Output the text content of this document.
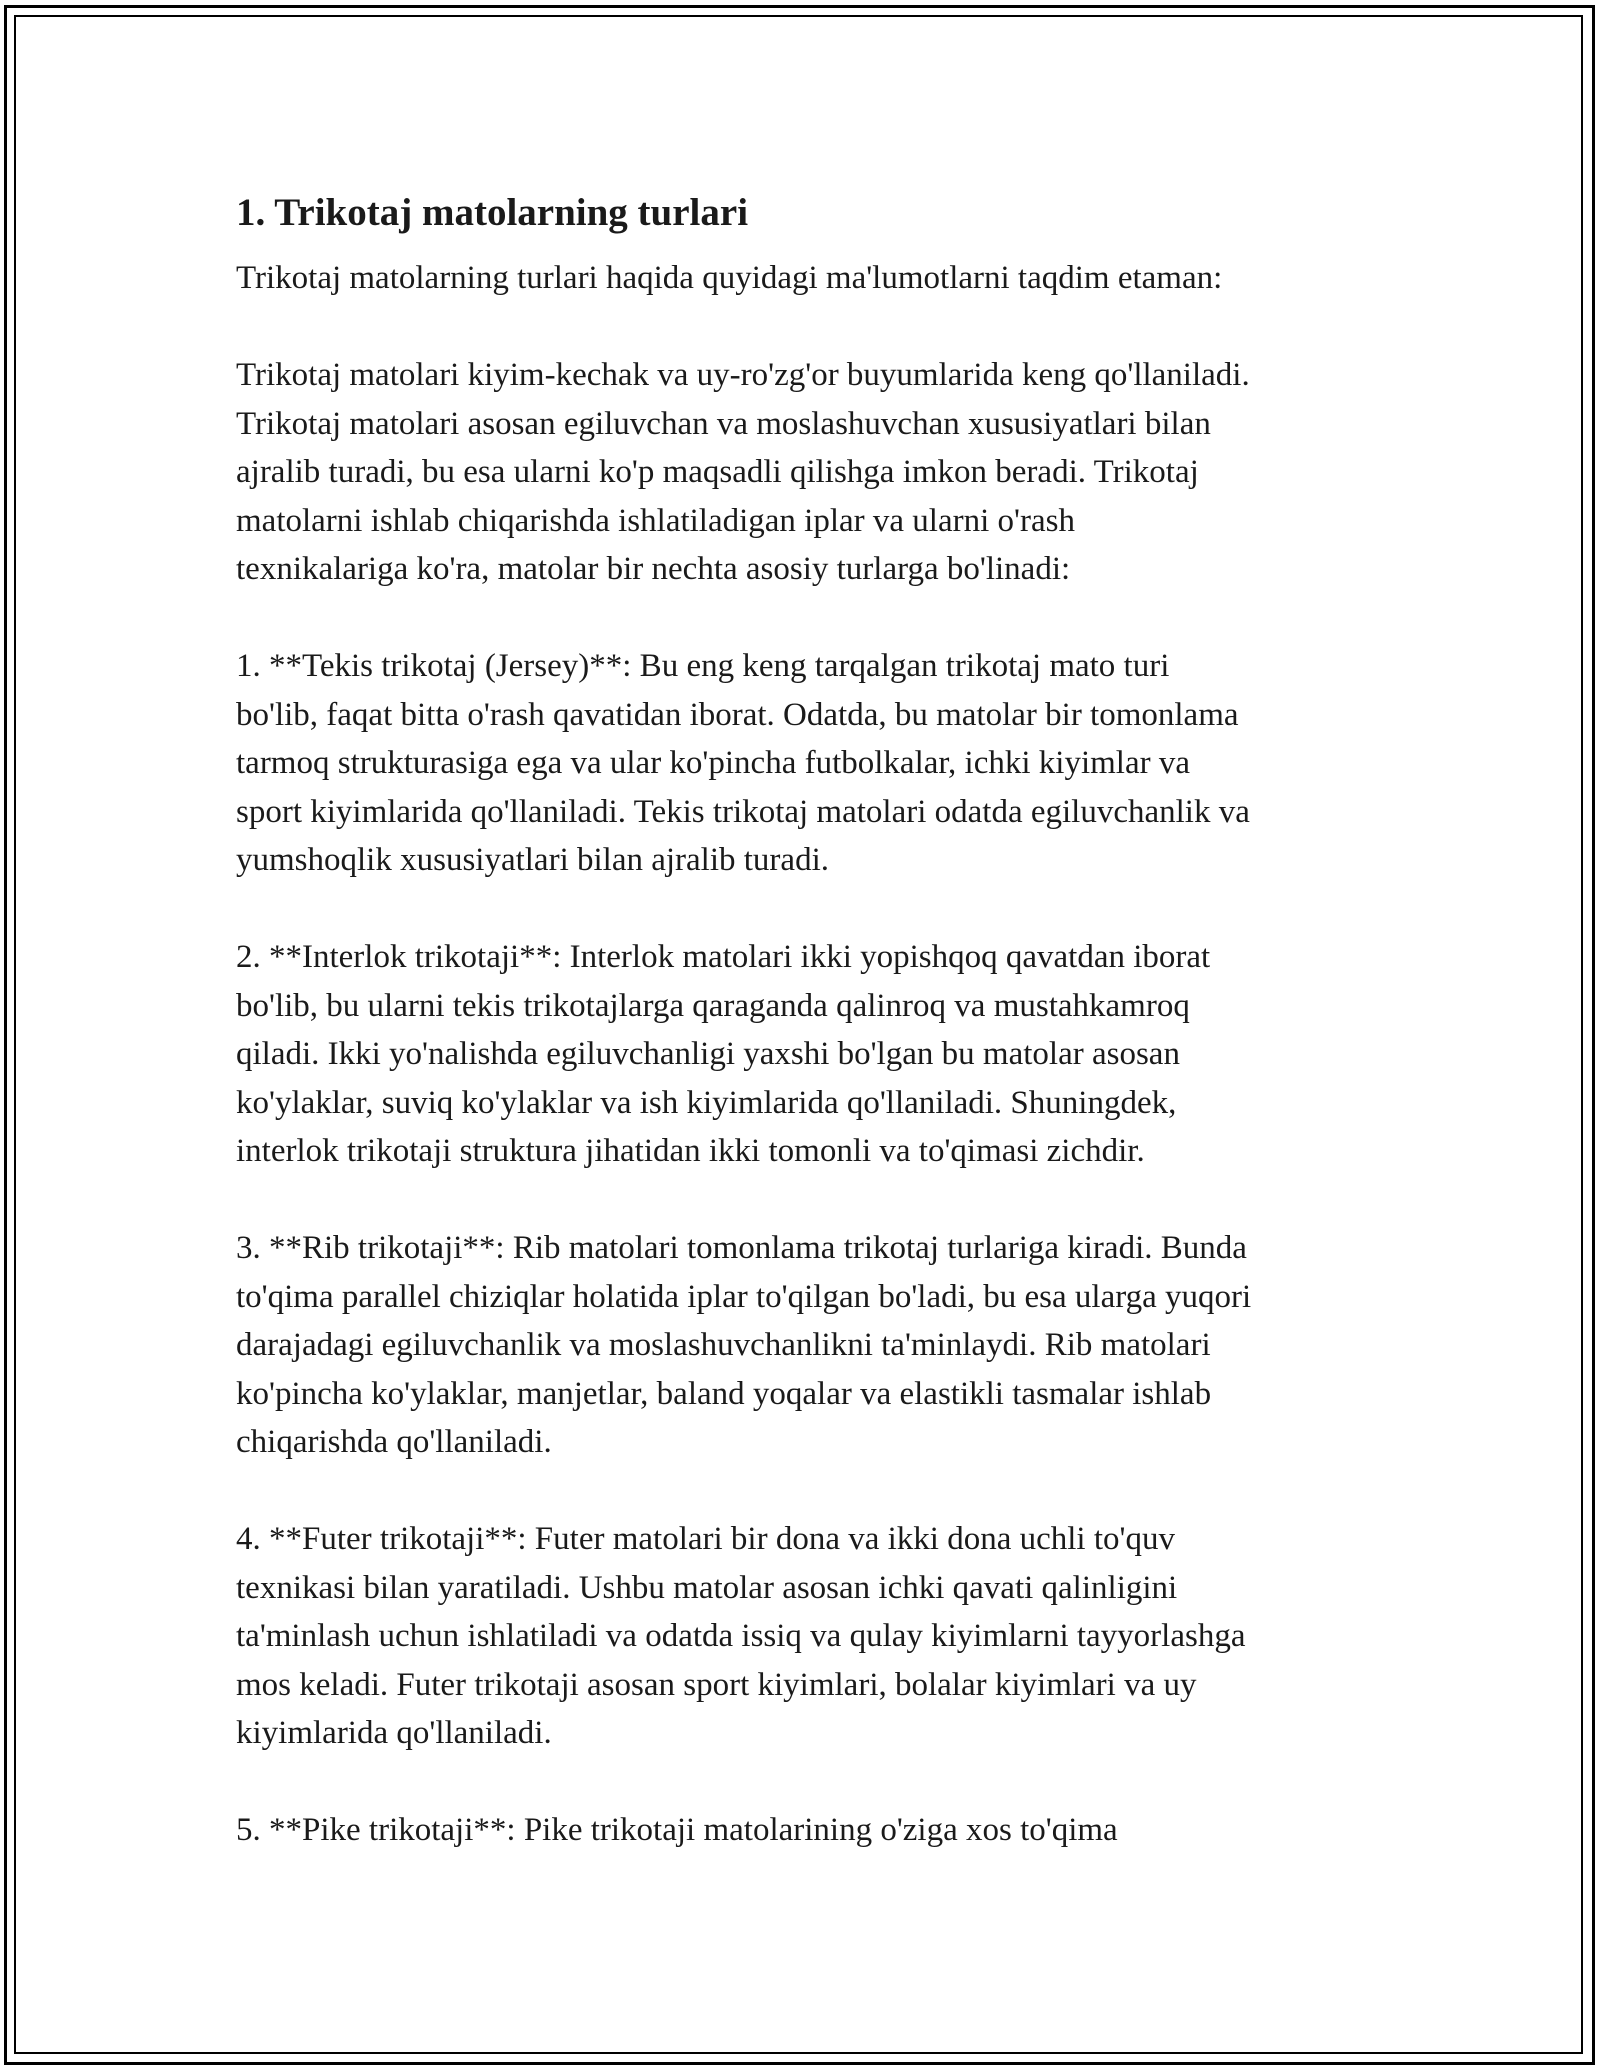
1. Trikotaj matolarning turlari

Trikotaj matolarning turlari haqida quyidagi ma'lumotlarni taqdim etaman:

Trikotaj matolari kiyim-kechak va uy-ro'zg'or buyumlarida keng qo'llaniladi.
Trikotaj matolari asosan egiluvchan va moslashuvchan xususiyatlari bilan
ajralib turadi, bu esa ularni ko'p maqsadli qilishga imkon beradi. Trikotaj
matolarni ishlab chiqarishda ishlatiladigan iplar va ularni o'rash
texnikalariga ko'ra, matolar bir nechta asosiy turlarga bo'linadi:

1. **Tekis trikotaj (Jersey)**: Bu eng keng tarqalgan trikotaj mato turi
bo'lib, faqat bitta o'rash qavatidan iborat. Odatda, bu matolar bir tomonlama
tarmoq strukturasiga ega va ular ko'pincha futbolkalar, ichki kiyimlar va
sport kiyimlarida qo'llaniladi. Tekis trikotaj matolari odatda egiluvchanlik va
yumshoqlik xususiyatlari bilan ajralib turadi.

2. **Interlok trikotaji**: Interlok matolari ikki yopishqoq qavatdan iborat
bo'lib, bu ularni tekis trikotajlarga qaraganda qalinroq va mustahkamroq
qiladi. Ikki yo'nalishda egiluvchanligi yaxshi bo'lgan bu matolar asosan
ko'ylaklar, suviq ko'ylaklar va ish kiyimlarida qo'llaniladi. Shuningdek,
interlok trikotaji struktura jihatidan ikki tomonli va to'qimasi zichdir.

3. **Rib trikotaji**: Rib matolari tomonlama trikotaj turlariga kiradi. Bunda
to'qima parallel chiziqlar holatida iplar to'qilgan bo'ladi, bu esa ularga yuqori
darajadagi egiluvchanlik va moslashuvchanlikni ta'minlaydi. Rib matolari
ko'pincha ko'ylaklar, manjetlar, baland yoqalar va elastikli tasmalar ishlab
chiqarishda qo'llaniladi.

4. **Futer trikotaji**: Futer matolari bir dona va ikki dona uchli to'quv
texnikasi bilan yaratiladi. Ushbu matolar asosan ichki qavati qalinligini
ta'minlash uchun ishlatiladi va odatda issiq va qulay kiyimlarni tayyorlashga
mos keladi. Futer trikotaji asosan sport kiyimlari, bolalar kiyimlari va uy
kiyimlarida qo'llaniladi.

5. **Pike trikotaji**: Pike trikotaji matolarining o'ziga xos to'qima
